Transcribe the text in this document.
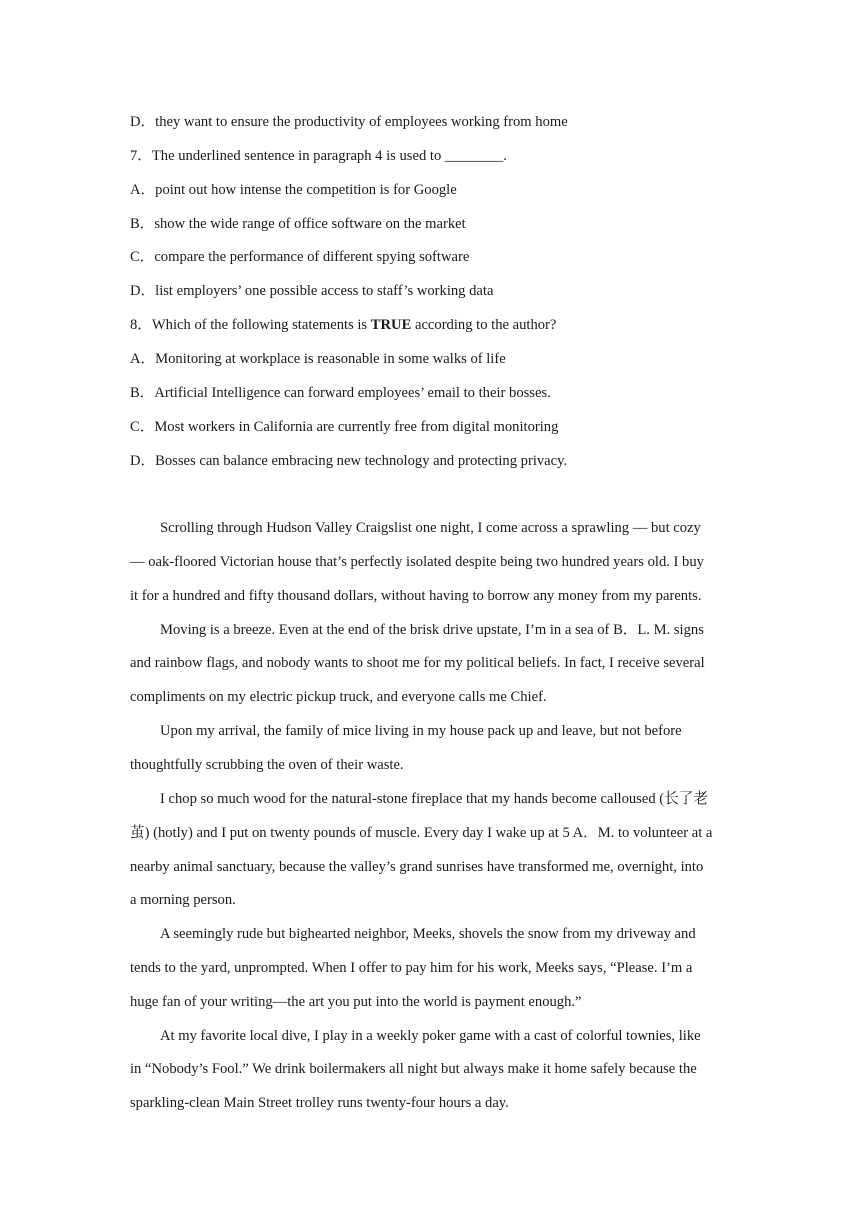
D．they want to ensure the productivity of employees working from home
7．The underlined sentence in paragraph 4 is used to ________.
A．point out how intense the competition is for Google
B．show the wide range of office software on the market
C．compare the performance of different spying software
D．list employers’ one possible access to staff’s working data
8．Which of the following statements is TRUE according to the author?
A．Monitoring at workplace is reasonable in some walks of life
B．Artificial Intelligence can forward employees’ email to their bosses.
C．Most workers in California are currently free from digital monitoring
D．Bosses can balance embracing new technology and protecting privacy.
Scrolling through Hudson Valley Craigslist one night, I come across a sprawling — but cozy
— oak-floored Victorian house that’s perfectly isolated despite being two hundred years old. I buy
it for a hundred and fifty thousand dollars, without having to borrow any money from my parents.
Moving is a breeze. Even at the end of the brisk drive upstate, I’m in a sea of B．L. M. signs
and rainbow flags, and nobody wants to shoot me for my political beliefs. In fact, I receive several
compliments on my electric pickup truck, and everyone calls me Chief.
Upon my arrival, the family of mice living in my house pack up and leave, but not before
thoughtfully scrubbing the oven of their waste.
I chop so much wood for the natural-stone fireplace that my hands become calloused (长了老
茧) (hotly) and I put on twenty pounds of muscle. Every day I wake up at 5 A．M. to volunteer at a
nearby animal sanctuary, because the valley’s grand sunrises have transformed me, overnight, into
a morning person.
A seemingly rude but bighearted neighbor, Meeks, shovels the snow from my driveway and
tends to the yard, unprompted. When I offer to pay him for his work, Meeks says, “Please. I’m a
huge fan of your writing—the art you put into the world is payment enough.”
At my favorite local dive, I play in a weekly poker game with a cast of colorful townies, like
in “Nobody’s Fool.” We drink boilermakers all night but always make it home safely because the
sparkling-clean Main Street trolley runs twenty-four hours a day.
